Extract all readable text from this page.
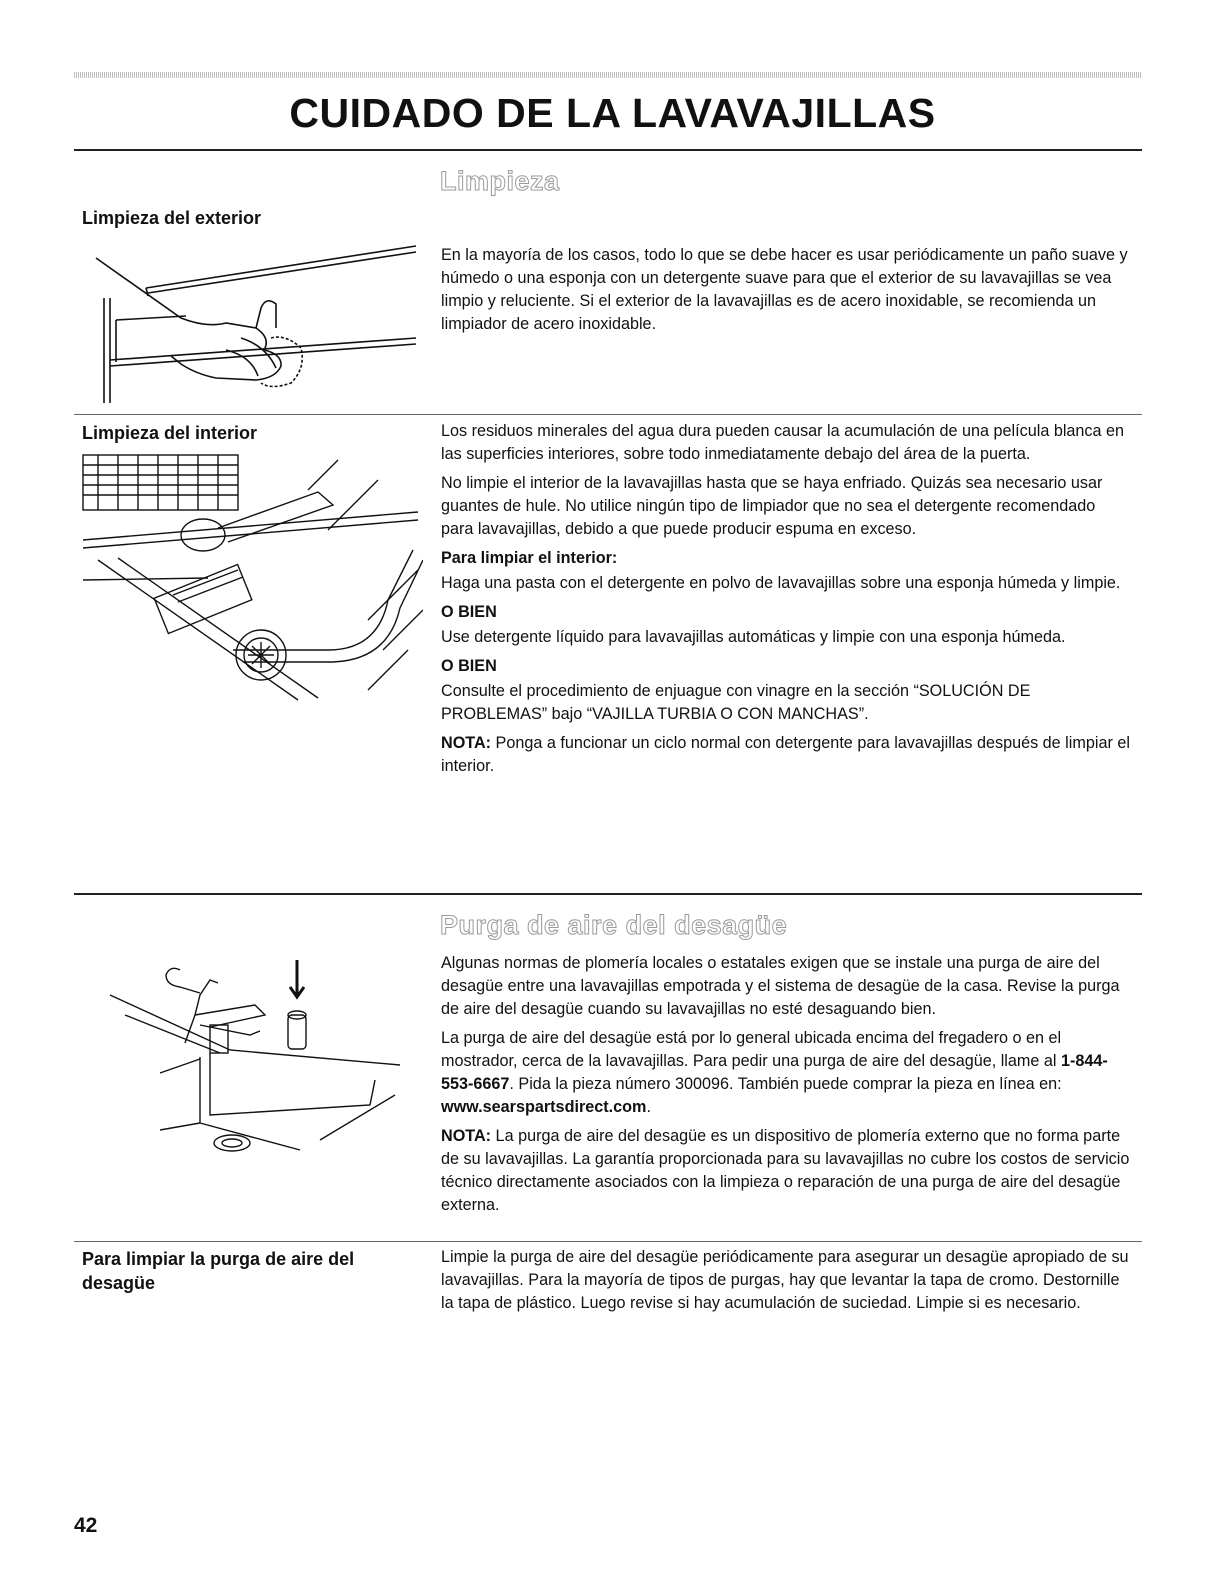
CUIDADO DE LA LAVAVAJILLAS
Limpieza
Limpieza del exterior

En la mayoría de los casos, todo lo que se debe hacer es usar periódicamente un paño suave y húmedo o una esponja con un detergente suave para que el exterior de su lavavajillas se vea limpio y reluciente. Si el exterior de la lavavajillas es de acero inoxidable, se recomienda un limpiador de acero inoxidable.

Limpieza del interior	Los residuos minerales del agua dura pueden causar la acumulación de una película blanca en las superficies interiores, sobre todo inmediatamente debajo del área de la puerta.

No limpie el interior de la lavavajillas hasta que se haya enfriado. Quizás sea necesario usar guantes de hule. No utilice ningún tipo de limpiador que no sea el detergente recomendado para lavavajillas, debido a que puede producir espuma en exceso.

Para limpiar el interior:

Haga una pasta con el detergente en polvo de lavavajillas sobre una esponja húmeda y limpie.

O BIEN

Use detergente líquido para lavavajillas automáticas y limpie con una esponja húmeda.

O BIEN

Consulte el procedimiento de enjuague con vinagre en la sección “SOLUCIÓN DE PROBLEMAS” bajo “VAJILLA TURBIA O CON MANCHAS”.

NOTA: Ponga a funcionar un ciclo normal con detergente para lavavajillas después de limpiar el interior.

Purga de aire del desagüe

Algunas normas de plomería locales o estatales exigen que se instale una purga de aire del desagüe entre una lavavajillas empotrada y el sistema de desagüe de la casa. Revise la purga de aire del desagüe cuando su lavavajillas no esté desaguando bien.

La purga de aire del desagüe está por lo general ubicada encima del fregadero o en el mostrador, cerca de la lavavajillas. Para pedir una purga de aire del desagüe, llame al 1-844-553-6667. Pida la pieza número 300096. También puede comprar la pieza en línea en: www.searspartsdirect.com.

NOTA: La purga de aire del desagüe es un dispositivo de plomería externo que no forma parte de su lavavajillas. La garantía proporcionada para su lavavajillas no cubre los costos de servicio técnico directamente asociados con la limpieza o reparación de una purga de aire del desagüe externa.

Para limpiar la purga de aire del desagüe

Limpie la purga de aire del desagüe periódicamente para asegurar un desagüe apropiado de su lavavajillas. Para la mayoría de tipos de purgas, hay que levantar la tapa de cromo. Destornille la tapa de plástico. Luego revise si hay acumulación de suciedad. Limpie si es necesario.

42
